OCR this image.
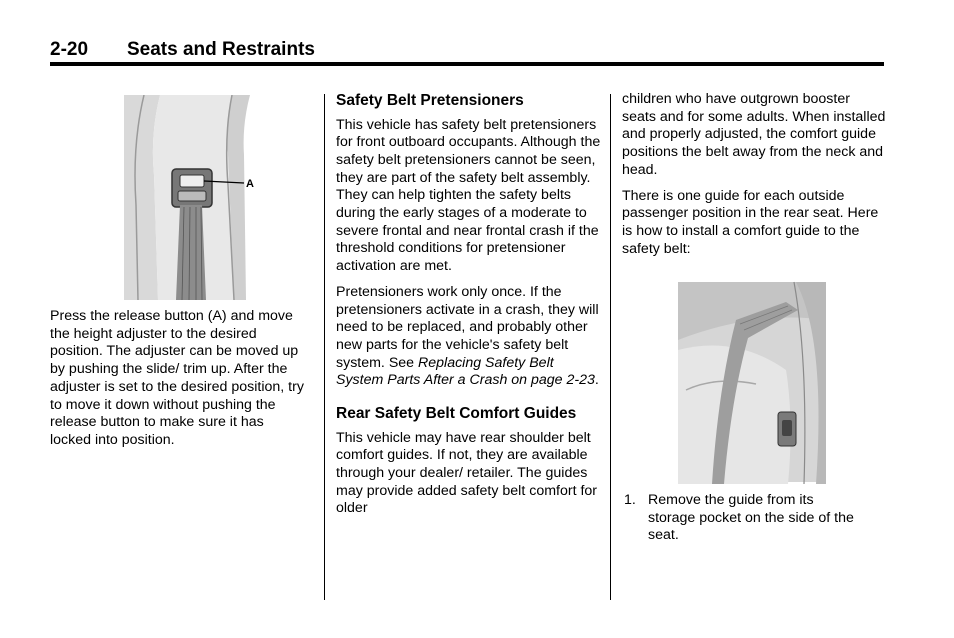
2-20 Seats and Restraints
A

Press the release button (A) and move the height adjuster to the desired position. The adjuster can be moved up by pushing the slide/ trim up. After the adjuster is set to the desired position, try to move it down without pushing the release button to make sure it has locked into position.

Safety Belt Pretensioners

This vehicle has safety belt pretensioners for front outboard occupants. Although the safety belt pretensioners cannot be seen, they are part of the safety belt assembly. They can help tighten the safety belts during the early stages of a moderate to severe frontal and near frontal crash if the threshold conditions for pretensioner activation are met.

Pretensioners work only once. If the pretensioners activate in a crash, they will need to be replaced, and probably other new parts for the vehicle's safety belt system. See Replacing Safety Belt System Parts After a Crash on page 2-23.

Rear Safety Belt Comfort Guides

This vehicle may have rear shoulder belt comfort guides. If not, they are available through your dealer/ retailer. The guides may provide added safety belt comfort for older

children who have outgrown booster seats and for some adults. When installed and properly adjusted, the comfort guide positions the belt away from the neck and head.

There is one guide for each outside passenger position in the rear seat. Here is how to install a comfort guide to the safety belt:

1. Remove the guide from its storage pocket on the side of the seat.
